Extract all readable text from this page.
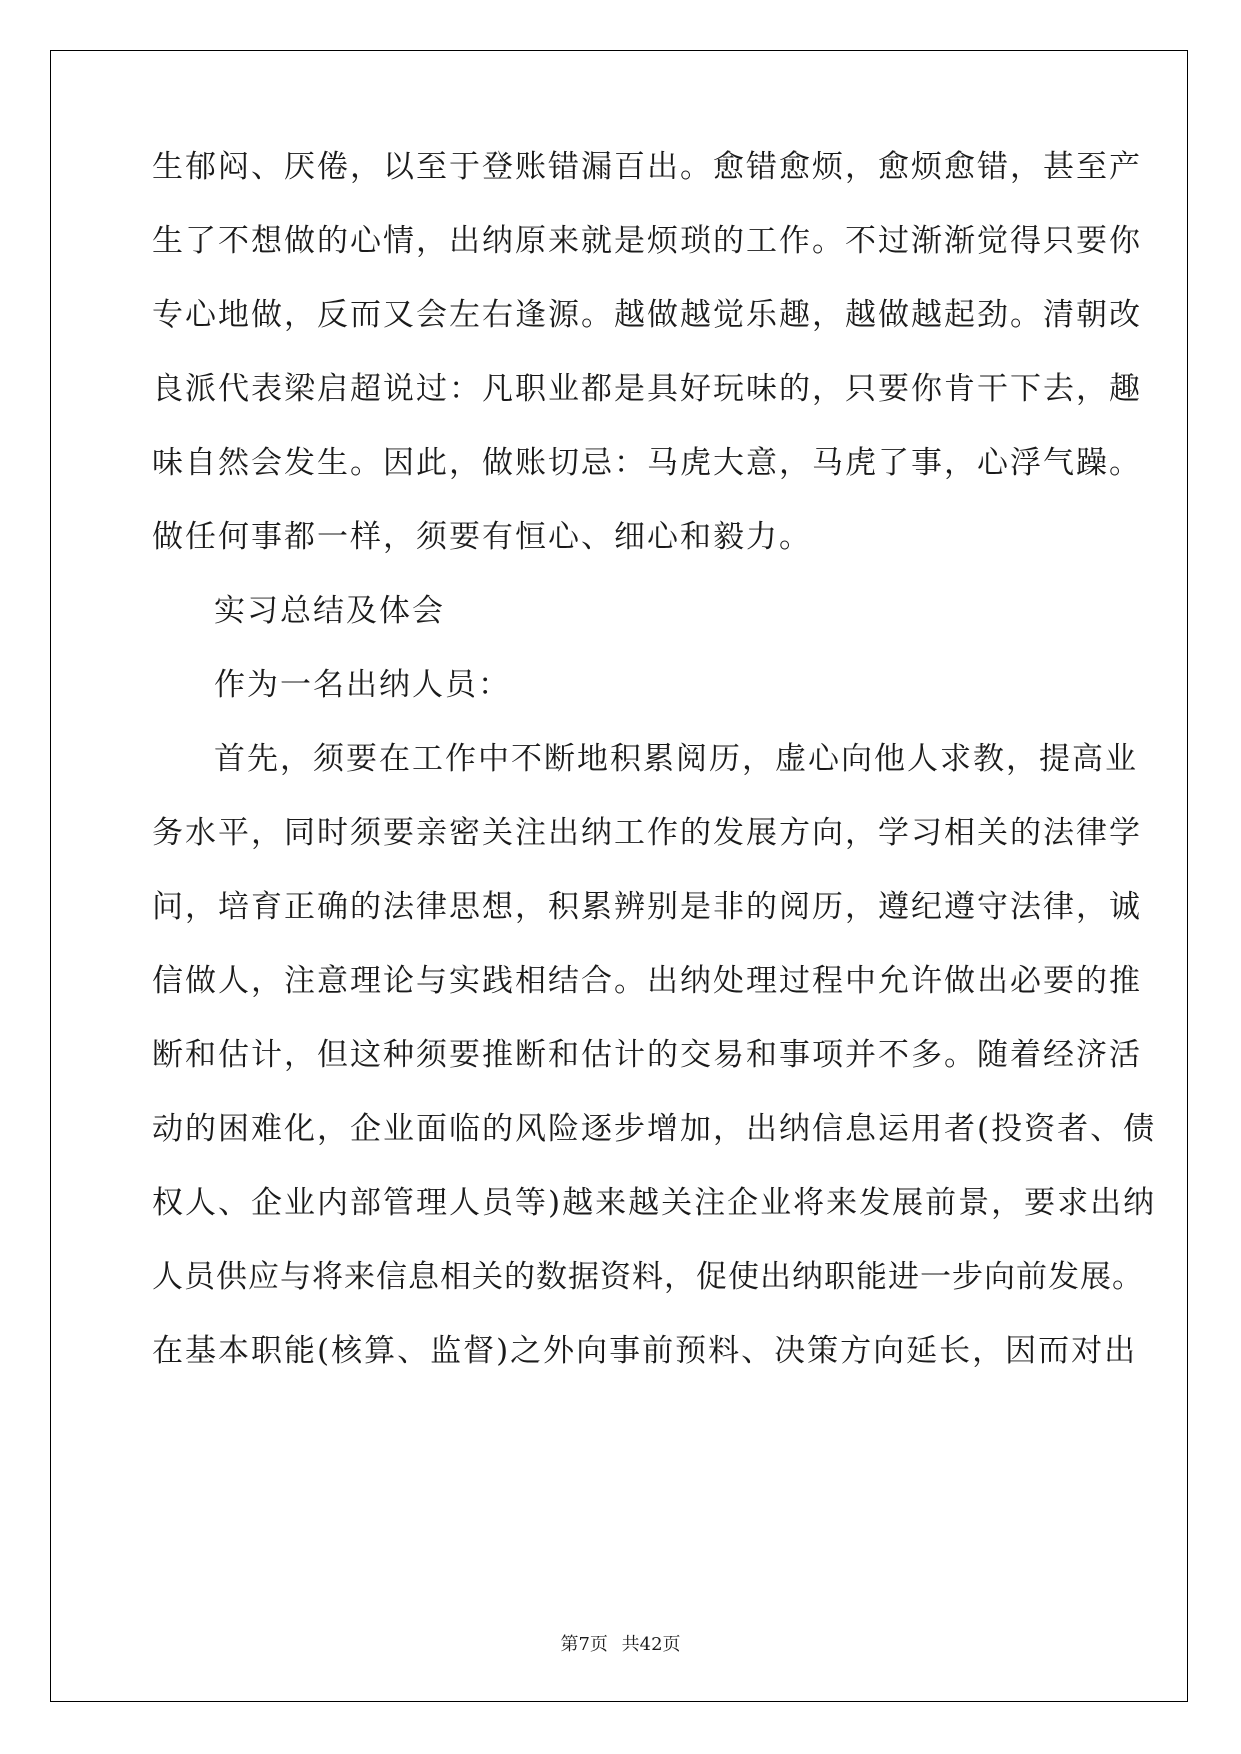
生郁闷、厌倦，以至于登账错漏百出。愈错愈烦，愈烦愈错，甚至产
生了不想做的心情，出纳原来就是烦琐的工作。不过渐渐觉得只要你
专心地做，反而又会左右逢源。越做越觉乐趣，越做越起劲。清朝改
良派代表梁启超说过：凡职业都是具好玩味的，只要你肯干下去，趣
味自然会发生。因此，做账切忌：马虎大意，马虎了事，心浮气躁。
做任何事都一样，须要有恒心、细心和毅力。
实习总结及体会
作为一名出纳人员：
首先，须要在工作中不断地积累阅历，虚心向他人求教，提高业
务水平，同时须要亲密关注出纳工作的发展方向，学习相关的法律学
问，培育正确的法律思想，积累辨别是非的阅历，遵纪遵守法律，诚
信做人，注意理论与实践相结合。出纳处理过程中允许做出必要的推
断和估计，但这种须要推断和估计的交易和事项并不多。随着经济活
动的困难化，企业面临的风险逐步增加，出纳信息运用者(投资者、债
权人、企业内部管理人员等)越来越关注企业将来发展前景，要求出纳
人员供应与将来信息相关的数据资料，促使出纳职能进一步向前发展。
在基本职能(核算、监督)之外向事前预料、决策方向延长，因而对出
第7页 共42页
